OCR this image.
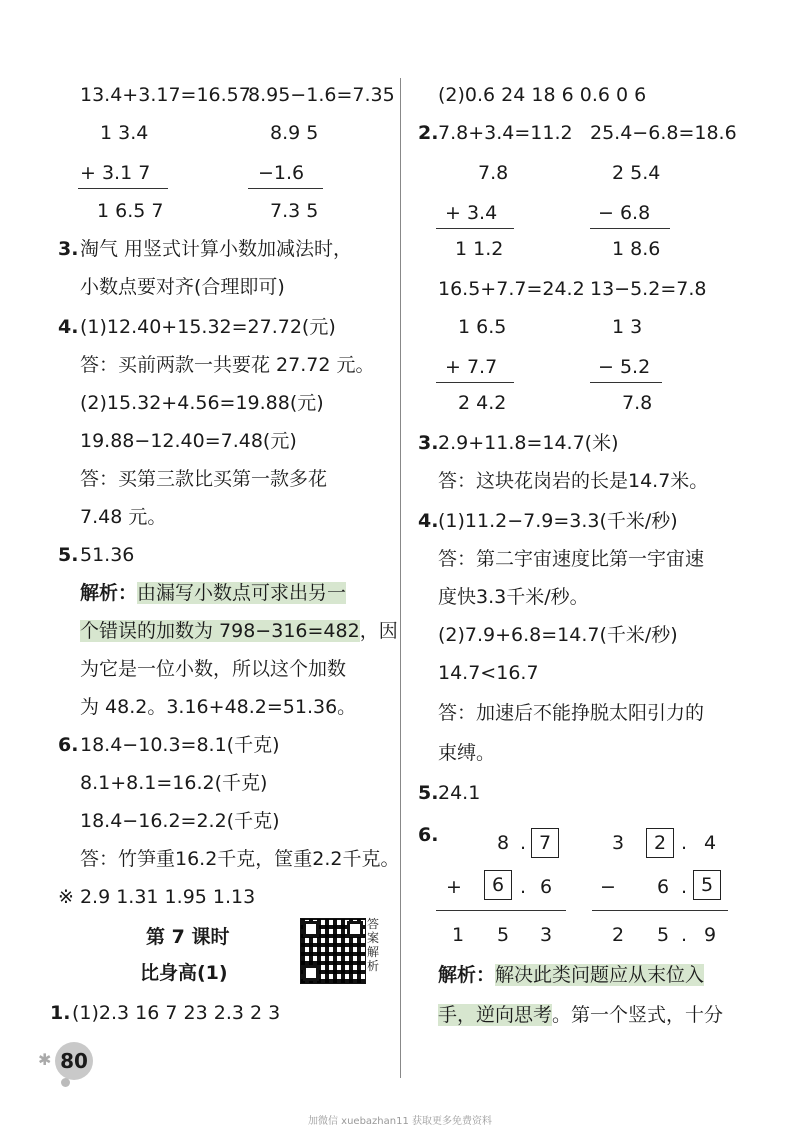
13.4+3.17=16.57
8.95−1.6=7.35
1 3.4
+ 3.1 7
1 6.5 7
8.9 5
−1.6
7.3 5
3. 淘气 用竖式计算小数加减法时，
小数点要对齐(合理即可)
4. (1)12.40+15.32=27.72(元)
答：买前两款一共要花 27.72 元。
(2)15.32+4.56=19.88(元)
19.88−12.40=7.48(元)
答：买第三款比买第一款多花
7.48 元。
5. 51.36
解析：由漏写小数点可求出另一
个错误的加数为 798−316=482，因
为它是一位小数，所以这个加数
为 48.2。3.16+48.2=51.36。
6. 18.4−10.3=8.1(千克)
8.1+8.1=16.2(千克)
18.4−16.2=2.2(千克)
答：竹笋重16.2千克，筐重2.2千克。
※ 2.9 1.31 1.95 1.13
第 7 课时
比身高(1)
答案解析
1. (1)2.3 16 7 23 2.3 2 3
✱ 80
(2)0.6 24 18 6 0.6 0 6
2. 7.8+3.4=11.2 25.4−6.8=18.6
7.8
+ 3.4
1 1.2
2 5.4
− 6.8
1 8.6
16.5+7.7=24.2 13−5.2=7.8
1 6.5
+ 7.7
2 4.2
1 3
− 5.2
7.8
3. 2.9+11.8=14.7(米)
答：这块花岗岩的长是14.7米。
4. (1)11.2−7.9=3.3(千米/秒)
答：第二宇宙速度比第一宇宙速
度快3.3千米/秒。
(2)7.9+6.8=14.7(千米/秒)
14.7<16.7
答：加速后不能挣脱太阳引力的
束缚。
5. 24.1
6.	8 . 7
+	6 . 6
1 5 3
3	2 . 4
− 6 . 5
2 5 . 9
解析：解决此类问题应从末位入
手，逆向思考。第一个竖式，十分
加微信 xuebazhan11 获取更多免费资料
